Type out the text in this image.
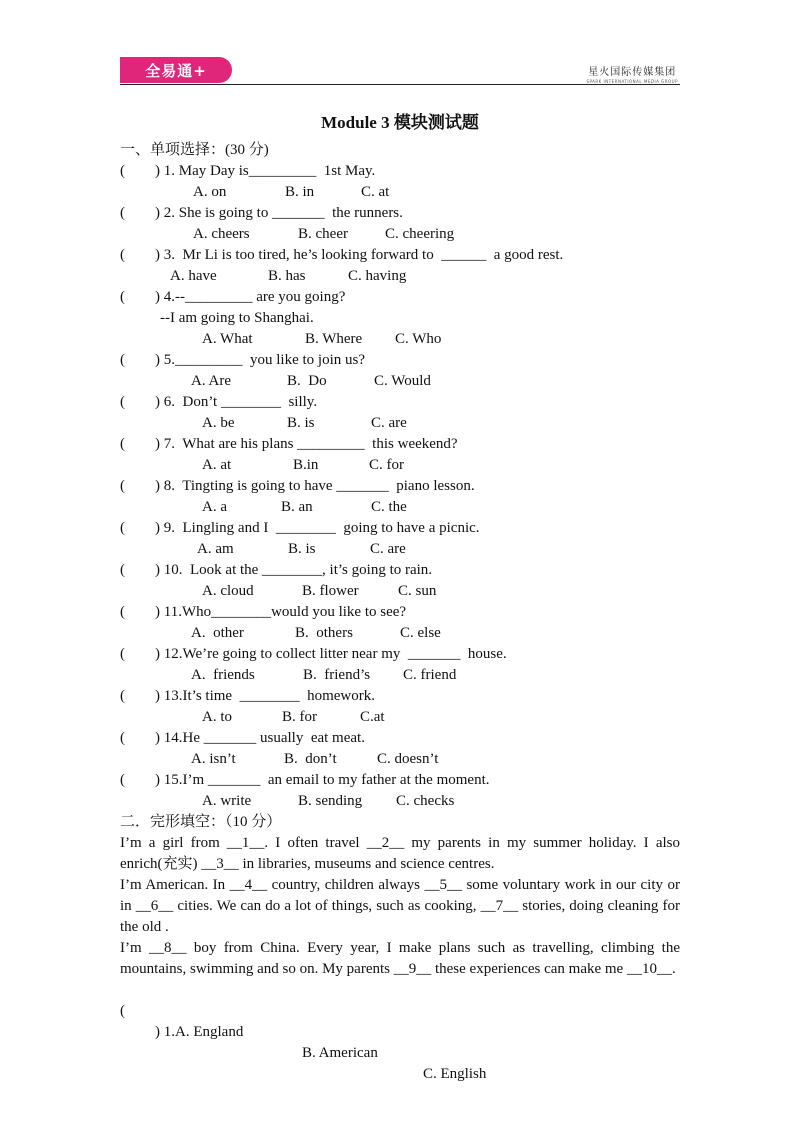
全易通+	星火国际传媒集团
SPARK INTERNATIONAL MEDIA GROUP
Module 3 模块测试题
一、单项选择：(30 分)
( ) 1. May Day is_________  1st May.
A. on	B. in	C. at
( ) 2. She is going to _______  the runners.
A. cheers	B. cheer C. cheering
( ) 3.  Mr Li is too tired, he’s looking forward to  ______  a good rest.
A. have	B. has	C. having
( ) 4.--_________ are you going?
--I am going to Shanghai.
A. What	B. Where C. Who
( ) 5._________  you like to join us?
A. Are	B.  Do	C. Would
( ) 6.  Don’t ________  silly.
A. be	B. is	C. are
( ) 7.  What are his plans _________  this weekend?
A. at	B.in	C. for
( ) 8.  Tingting is going to have _______  piano lesson.
A. a	B. an	C. the
( ) 9.  Lingling and I  ________  going to have a picnic.
A. am	B. is	C. are
( ) 10.  Look at the ________, it’s going to rain.
A. cloud	B. flower	C. sun
( ) 11.Who________would you like to see?
A.  other	B.  others	C. else
( ) 12.We’re going to collect litter near my  _______  house.
A.  friends	B.  friend’s C. friend
( ) 13.It’s time  ________  homework.
A. to	B. for	C.at
( ) 14.He _______ usually  eat meat.
A. isn’t	B.  don’t	C. doesn’t
( ) 15.I’m _______  an email to my father at the moment.
A. write	B. sending C. checks
二．完形填空：（10 分）
I’m a girl from __1__. I often travel __2__ my parents in my summer holiday. I also enrich(充实) __3__ in libraries, museums and science centres.
I’m American. In __4__ country, children always __5__ some voluntary work in our city or in __6__ cities. We can do a lot of things, such as cooking, __7__ stories, doing cleaning for the old .
I’m __8__ boy from China. Every year, I make plans such as travelling, climbing the mountains, swimming and so on. My parents __9__ these experiences can make me __10__.

(

) 1.A. England

B. American

C. English
